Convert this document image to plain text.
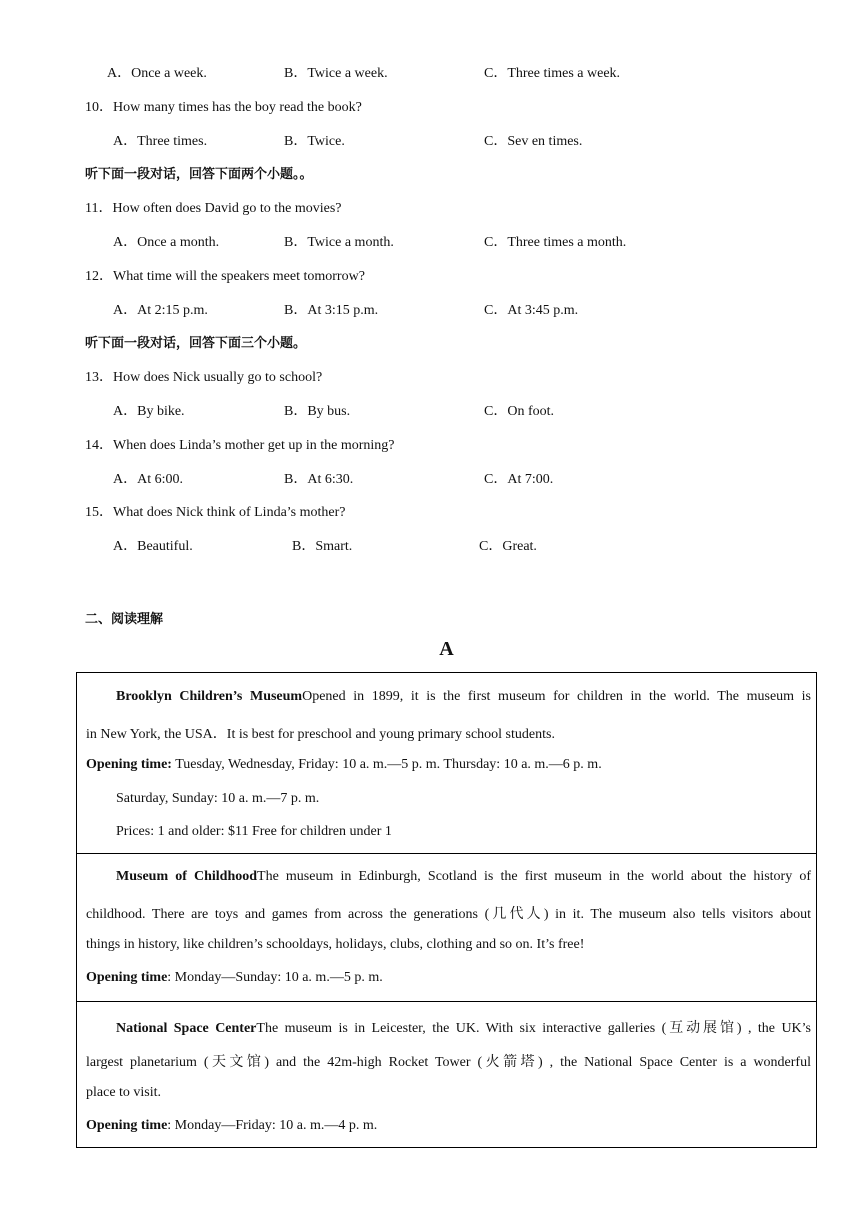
A．Once a week.	B．Twice a week.	C．Three times a week.
10．How many times has the boy read the book?
A．Three times.	B．Twice.	C．Sev en times.
听下面一段对话，回答下面两个小题。。
11．How often does David go to the movies?
A．Once a month.	B．Twice a month.	C．Three times a month.
12．What time will the speakers meet tomorrow?
A．At 2:15 p.m.	B．At 3:15 p.m.	C．At 3:45 p.m.
听下面一段对话，回答下面三个小题。
13．How does Nick usually go to school?
A．By bike.	B．By bus.	C．On foot.
14．When does Linda’s mother get up in the morning?
A．At 6:00.	B．At 6:30.	C．At 7:00.
15．What does Nick think of Linda’s mother?
A．Beautiful.	B．Smart.	C．Great.
二、阅读理解
A
Brooklyn Children’s MuseumOpened in 1899, it is the first museum for children in the world. The museum is
in New York, the USA．It is best for preschool and young primary school students.
Opening time: Tuesday, Wednesday, Friday: 10 a. m.—5 p. m. Thursday: 10 a. m.—6 p. m.
Saturday, Sunday: 10 a. m.—7 p. m.
Prices: 1 and older: $11 Free for children under 1
Museum of ChildhoodThe museum in Edinburgh, Scotland is the first museum in the world about the history of
childhood. There are toys and games from across the generations (几代人) in it. The museum also tells visitors about
things in history, like children’s schooldays, holidays, clubs, clothing and so on. It’s free!
Opening time: Monday—Sunday: 10 a. m.—5 p. m.
National Space CenterThe museum is in Leicester, the UK. With six interactive galleries (互动展馆) , the UK’s
largest planetarium (天文馆) and the 42m-high Rocket Tower (火箭塔) , the National Space Center is a wonderful
place to visit.
Opening time: Monday—Friday: 10 a. m.—4 p. m.
